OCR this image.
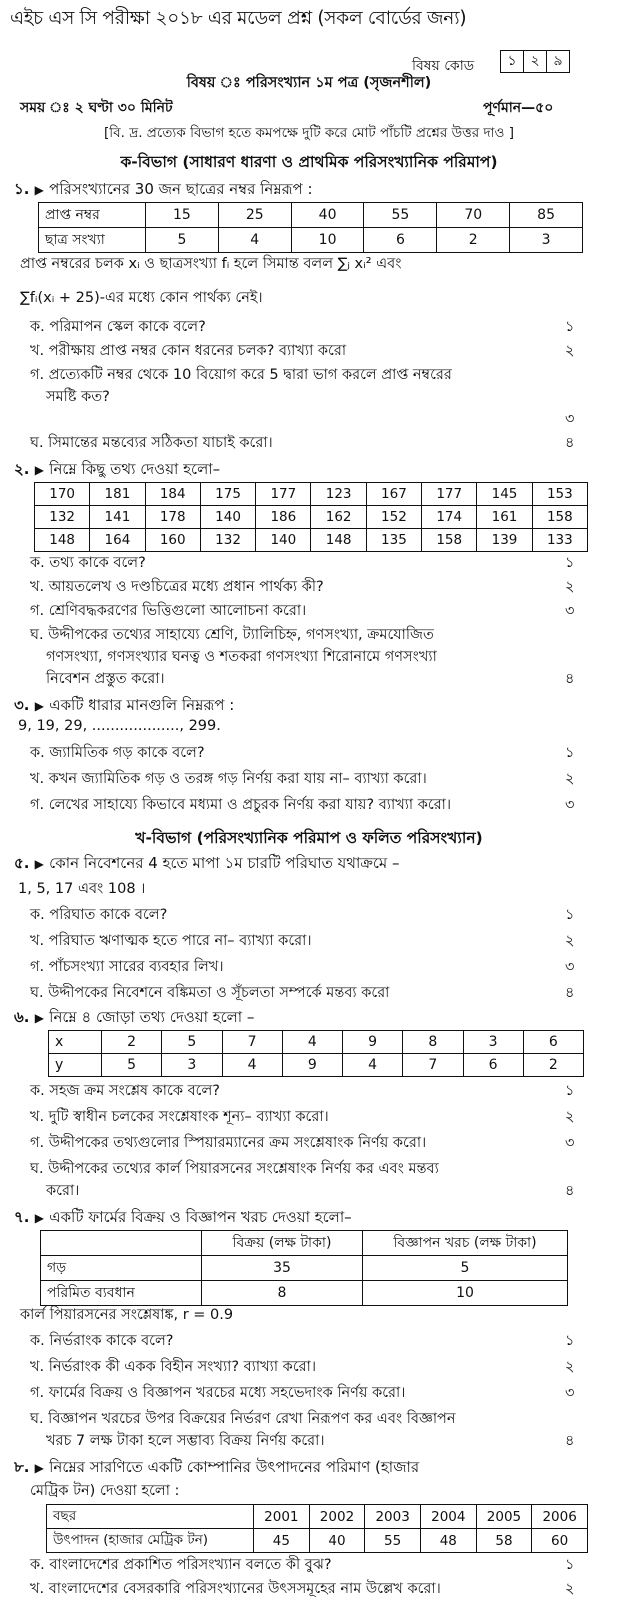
এইচ এস সি পরীক্ষা ২০১৮ এর মডেল প্রশ্ন (সকল বোর্ডের জন্য)
বিষয় কোড	১ ২ ৯
বিষয় ঃ পরিসংখ্যান ১ম পত্র (সৃজনশীল)
সময় ঃ ২ ঘণ্টা ৩০ মিনিট	পূর্ণমান—৫০
[বি. দ্র. প্রত্যেক বিভাগ হতে কমপক্ষে দুটি করে মোট পাঁচটি প্রশ্নের উত্তর দাও ]
ক-বিভাগ (সাধারণ ধারণা ও প্রাথমিক পরিসংখ্যানিক পরিমাপ)
১. ▶ পরিসংখ্যানের 30 জন ছাত্রের নম্বর নিম্নরূপ :
প্রাপ্ত নম্বর	15	25	40	55	70	85
ছাত্র সংখ্যা	5	4	10	6	2	3
প্রাপ্ত নম্বরের চলক xᵢ ও ছাত্রসংখ্যা fᵢ হলে সিমান্ত বলল ∑ⱼ xᵢ² এবং
∑fᵢ(xᵢ + 25)-এর মধ্যে কোন পার্থক্য নেই।
ক. পরিমাপন স্কেল কাকে বলে?	১
খ. পরীক্ষায় প্রাপ্ত নম্বর কোন ধরনের চলক? ব্যাখ্যা করো	২
গ. প্রত্যেকটি নম্বর থেকে 10 বিয়োগ করে 5 দ্বারা ভাগ করলে প্রাপ্ত নম্বরের
সমষ্টি কত?
৩
ঘ. সিমান্তের মন্তব্যের সঠিকতা যাচাই করো।	৪
২. ▶ নিম্নে কিছু তথ্য দেওয়া হলো–
170	181	184	175	177	123	167	177	145	153
132	141	178	140	186	162	152	174	161	158
148	164	160	132	140	148	135	158	139	133
ক. তথ্য কাকে বলে?	১
খ. আয়তলেখ ও দণ্ডচিত্রের মধ্যে প্রধান পার্থক্য কী?	২
গ. শ্রেণিবদ্ধকরণের ভিত্তিগুলো আলোচনা করো।	৩
ঘ. উদ্দীপকের তথ্যের সাহায্যে শ্রেণি, ট্যালিচিহ্ন, গণসংখ্যা, ক্রমযোজিত
গণসংখ্যা, গণসংখ্যার ঘনত্ব ও শতকরা গণসংখ্যা শিরোনামে গণসংখ্যা
নিবেশন প্রস্তুত করো।	৪
৩. ▶ একটি ধারার মানগুলি নিম্নরূপ :
9, 19, 29, ..................., 299.
ক. জ্যামিতিক গড় কাকে বলে?	১
খ. কখন জ্যামিতিক গড় ও তরঙ্গ গড় নির্ণয় করা যায় না– ব্যাখ্যা করো।	২
গ. লেখের সাহায্যে কিভাবে মধ্যমা ও প্রচুরক নির্ণয় করা যায়? ব্যাখ্যা করো।	৩
খ-বিভাগ (পরিসংখ্যানিক পরিমাপ ও ফলিত পরিসংখ্যান)
৫. ▶ কোন নিবেশনের 4 হতে মাপা ১ম চারটি পরিঘাত যথাক্রমে –
1, 5, 17 এবং 108 ।
ক. পরিঘাত কাকে বলে?	১
খ. পরিঘাত ঋণাত্মক হতে পারে না– ব্যাখ্যা করো।	২
গ. পাঁচসংখ্যা সারের ব্যবহার লিখ।	৩
ঘ. উদ্দীপকের নিবেশনে বঙ্কিমতা ও সূঁচলতা সম্পর্কে মন্তব্য করো	৪
৬. ▶ নিম্নে ৪ জোড়া তথ্য দেওয়া হলো –
x	2	5	7	4	9	8	3	6
y	5	3	4	9	4	7	6	2
ক. সহজ ক্রম সংশ্লেষ কাকে বলে?	১
খ. দুটি স্বাধীন চলকের সংশ্লেষাংক শূন্য– ব্যাখ্যা করো।	২
গ. উদ্দীপকের তথ্যগুলোর স্পিয়ারম্যানের ক্রম সংশ্লেষাংক নির্ণয় করো।	৩
ঘ. উদ্দীপকের তথ্যের কার্ল পিয়ারসনের সংশ্লেষাংক নির্ণয় কর এবং মন্তব্য
করো।	৪
৭. ▶ একটি ফার্মের বিক্রয় ও বিজ্ঞাপন খরচ দেওয়া হলো–
	বিক্রয় (লক্ষ টাকা)	বিজ্ঞাপন খরচ (লক্ষ টাকা)
গড়	35	5
পরিমিত ব্যবধান	8	10
কার্ল পিয়ারসনের সংশ্লেষাঙ্ক, r = 0.9
ক. নির্ভরাংক কাকে বলে?	১
খ. নির্ভরাংক কী একক বিহীন সংখ্যা? ব্যাখ্যা করো।	২
গ. ফার্মের বিক্রয় ও বিজ্ঞাপন খরচের মধ্যে সহভেদাংক নির্ণয় করো।	৩
ঘ. বিজ্ঞাপন খরচের উপর বিক্রয়ের নির্ভরণ রেখা নিরূপণ কর এবং বিজ্ঞাপন
খরচ 7 লক্ষ টাকা হলে সম্ভাব্য বিক্রয় নির্ণয় করো।	৪
৮. ▶ নিম্নের সারণিতে একটি কোম্পানির উৎপাদনের পরিমাণ (হাজার
মেট্রিক টন) দেওয়া হলো :
বছর	2001	2002	2003	2004	2005	2006
উৎপাদন (হাজার মেট্রিক টন)	45	40	55	48	58	60
ক. বাংলাদেশের প্রকাশিত পরিসংখ্যান বলতে কী বুঝ?	১
খ. বাংলাদেশের বেসরকারি পরিসংখ্যানের উৎসসমূহের নাম উল্লেখ করো।	২
